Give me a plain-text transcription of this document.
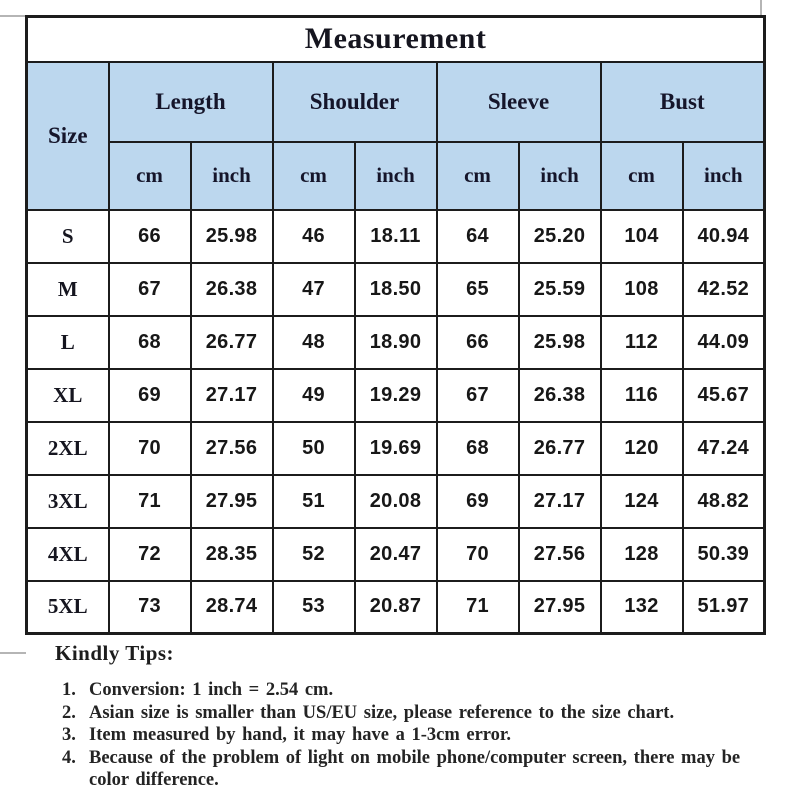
Measurement								
Size	Length		Shoulder		Sleeve		Bust	
	cm	inch	cm	inch	cm	inch	cm	inch
S	66	25.98	46	18.11	64	25.20	104	40.94
M	67	26.38	47	18.50	65	25.59	108	42.52
L	68	26.77	48	18.90	66	25.98	112	44.09
XL	69	27.17	49	19.29	67	26.38	116	45.67
2XL	70	27.56	50	19.69	68	26.77	120	47.24
3XL	71	27.95	51	20.08	69	27.17	124	48.82
4XL	72	28.35	52	20.47	70	27.56	128	50.39
5XL	73	28.74	53	20.87	71	27.95	132	51.97
Kindly Tips:
Conversion: 1 inch = 2.54 cm.
Asian size is smaller than US/EU size, please reference to the size chart.
Item measured by hand, it may have a 1-3cm error.
Because of the problem of light on mobile phone/computer screen, there may be color difference.
